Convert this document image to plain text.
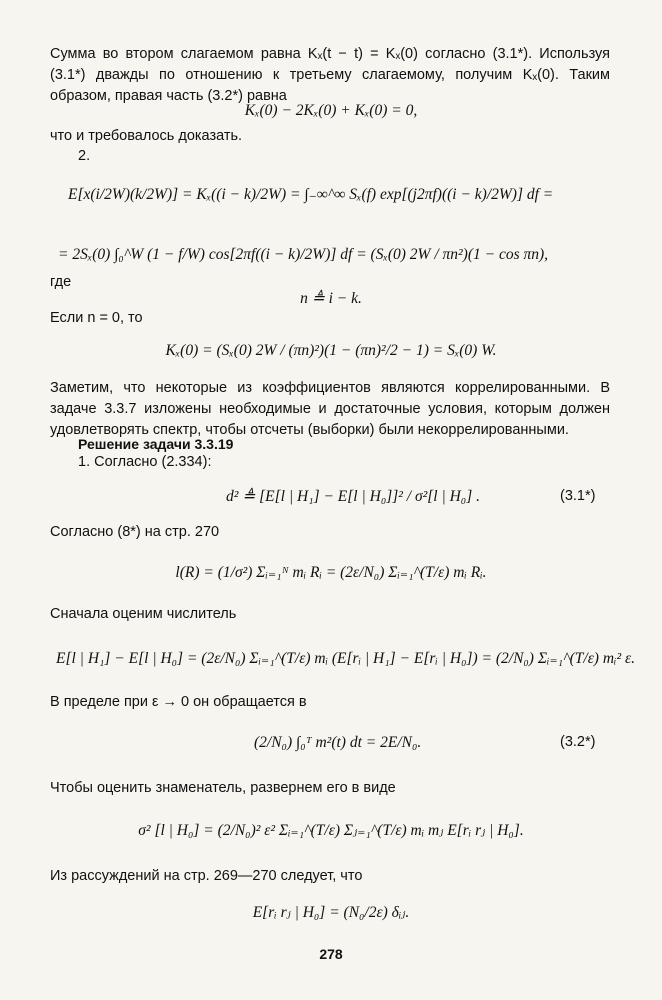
Сумма во втором слагаемом равна Kₓ(t − t) = Kₓ(0) согласно (3.1*). Используя (3.1*) дважды по отношению к третьему слагаемому, получим Kₓ(0). Таким образом, правая часть (3.2*) равна

Kₓ(0) − 2Kₓ(0) + Kₓ(0) = 0,

что и требовалось доказать.

2.
E[x(i/2W)(k/2W)] = Kₓ((i − k)/2W) = ∫₋∞^∞ Sₓ(f) exp[(j2πf)((i − k)/2W)] df =
= 2Sₓ(0) ∫₀^W (1 − f/W) cos[2πf((i − k)/2W)] df = (Sₓ(0) 2W / πn²)(1 − cos πn),
где
n ≜ i − k.
Если n = 0, то
Kₓ(0) = (Sₓ(0) 2W / (πn)²)(1 − (πn)²/2 − 1) = Sₓ(0) W.

Заметим, что некоторые из коэффициентов являются коррелированными. В задаче 3.3.7 изложены необходимые и достаточные условия, которым должен удовлетворять спектр, чтобы отсчеты (выборки) были некоррелированными.

Решение задачи 3.3.19
1. Согласно (2.334):
d² ≜ [E[l | H₁] − E[l | H₀]]² / σ²[l | H₀] .	(3.1*)
Согласно (8*) на стр. 270
l(R) = (1/σ²) Σᵢ₌₁ᴺ mᵢ Rᵢ = (2ε/N₀) Σᵢ₌₁^(T/ε) mᵢ Rᵢ.
Сначала оценим числитель
E[l | H₁] − E[l | H₀] = (2ε/N₀) Σᵢ₌₁^(T/ε) mᵢ (E[rᵢ | H₁] − E[rᵢ | H₀]) = (2/N₀) Σᵢ₌₁^(T/ε) mᵢ² ε.
В пределе при ε → 0 он обращается в
(2/N₀) ∫₀ᵀ m²(t) dt = 2E/N₀.	(3.2*)
Чтобы оценить знаменатель, развернем его в виде
σ² [l | H₀] = (2/N₀)² ε² Σᵢ₌₁^(T/ε) Σⱼ₌₁^(T/ε) mᵢ mⱼ E[rᵢ rⱼ | H₀].
Из рассуждений на стр. 269—270 следует, что
E[rᵢ rⱼ | H₀] = (N₀/2ε) δᵢⱼ.
278
